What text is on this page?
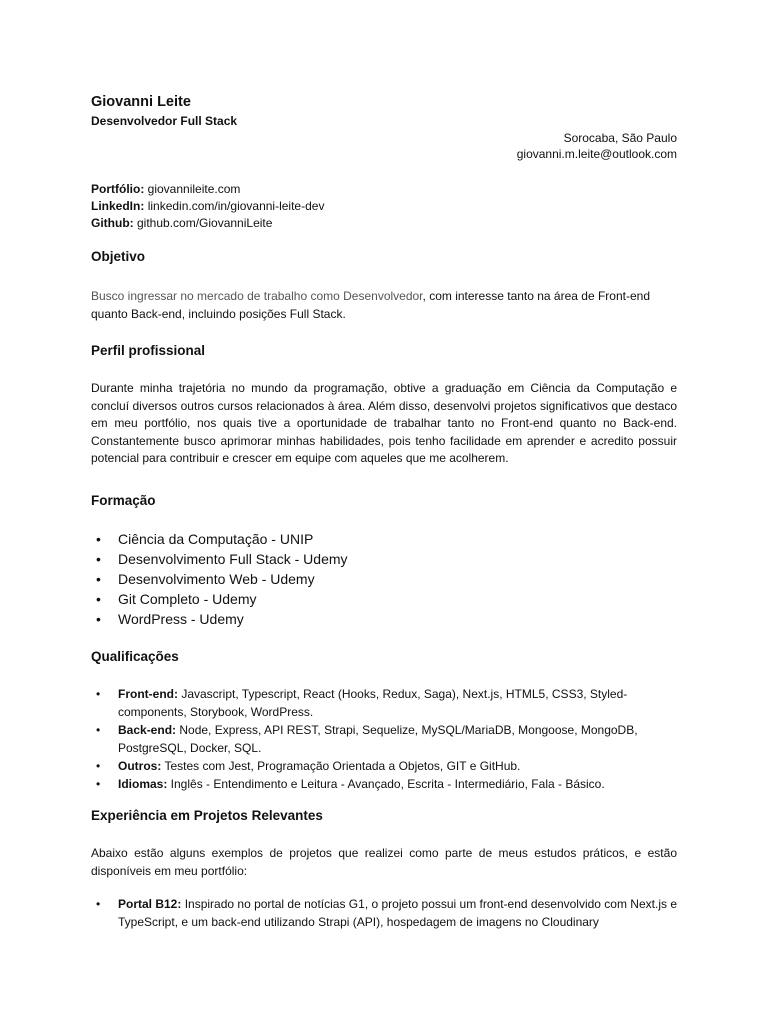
Giovanni Leite
Desenvolvedor Full Stack
Sorocaba, São Paulo
giovanni.m.leite@outlook.com
Portfólio: giovannileite.com
LinkedIn: linkedin.com/in/giovanni-leite-dev
Github: github.com/GiovanniLeite
Objetivo
Busco ingressar no mercado de trabalho como Desenvolvedor, com interesse tanto na área de Front-end quanto Back-end, incluindo posições Full Stack.
Perfil profissional
Durante minha trajetória no mundo da programação, obtive a graduação em Ciência da Computação e concluí diversos outros cursos relacionados à área. Além disso, desenvolvi projetos significativos que destaco em meu portfólio, nos quais tive a oportunidade de trabalhar tanto no Front-end quanto no Back-end. Constantemente busco aprimorar minhas habilidades, pois tenho facilidade em aprender e acredito possuir potencial para contribuir e crescer em equipe com aqueles que me acolherem.
Formação
• Ciência da Computação - UNIP
• Desenvolvimento Full Stack - Udemy
• Desenvolvimento Web - Udemy
• Git Completo - Udemy
• WordPress - Udemy
Qualificações
• Front-end: Javascript, Typescript, React (Hooks, Redux, Saga), Next.js, HTML5, CSS3, Styled-components, Storybook, WordPress.
• Back-end: Node, Express, API REST, Strapi, Sequelize, MySQL/MariaDB, Mongoose, MongoDB, PostgreSQL, Docker, SQL.
• Outros: Testes com Jest, Programação Orientada a Objetos, GIT e GitHub.
• Idiomas: Inglês - Entendimento e Leitura - Avançado, Escrita - Intermediário, Fala - Básico.
Experiência em Projetos Relevantes
Abaixo estão alguns exemplos de projetos que realizei como parte de meus estudos práticos, e estão disponíveis em meu portfólio:
• Portal B12: Inspirado no portal de notícias G1, o projeto possui um front-end desenvolvido com Next.js e TypeScript, e um back-end utilizando Strapi (API), hospedagem de imagens no Cloudinary
